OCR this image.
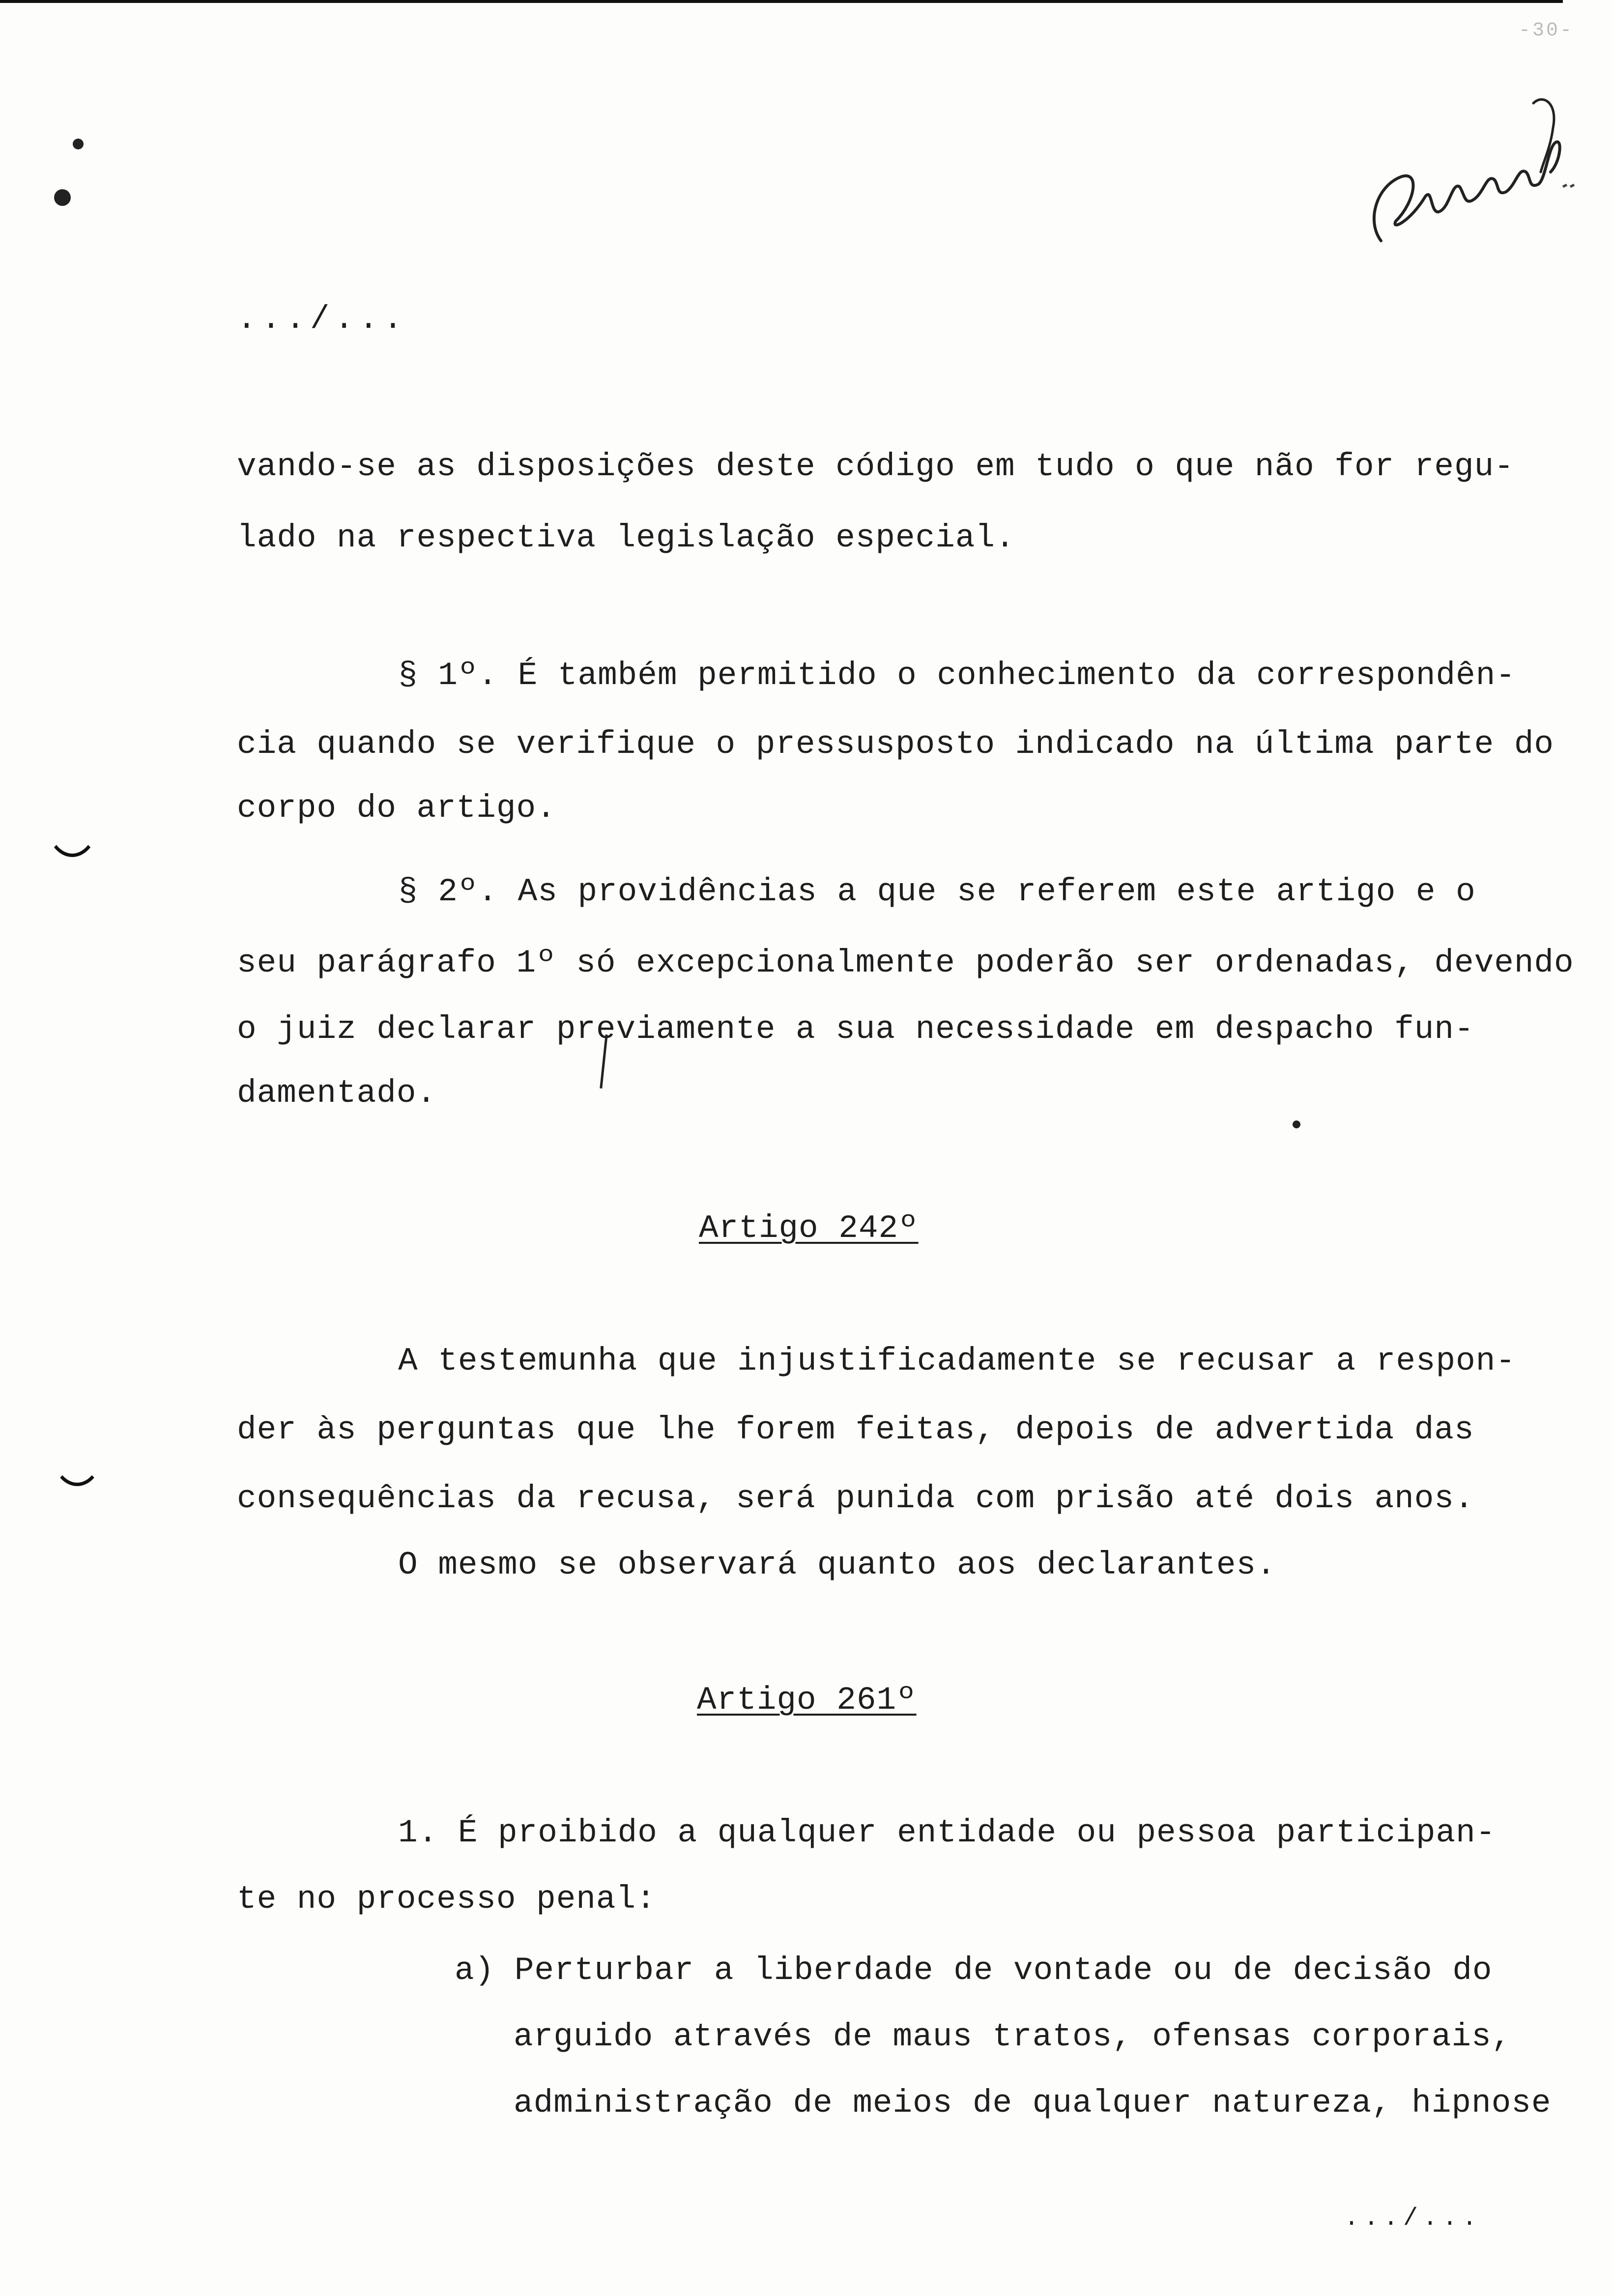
-30-
.../...
vando-se as disposições deste código em tudo o que não for regu-
lado na respectiva legislação especial.
§ 1º. É também permitido o conhecimento da correspondên-
cia quando se verifique o pressusposto indicado na última parte do
corpo do artigo.
§ 2º. As providências a que se referem este artigo e o
seu parágrafo 1º só excepcionalmente poderão ser ordenadas, devendo
o juiz declarar previamente a sua necessidade em despacho fun-
damentado.
Artigo 242º
A testemunha que injustificadamente se recusar a respon-
der às perguntas que lhe forem feitas, depois de advertida das
consequências da recusa, será punida com prisão até dois anos.
O mesmo se observará quanto aos declarantes.
Artigo 261º
1. É proibido a qualquer entidade ou pessoa participan-
te no processo penal:
a) Perturbar a liberdade de vontade ou de decisão do
arguido através de maus tratos, ofensas corporais,
administração de meios de qualquer natureza, hipnose
.../...
